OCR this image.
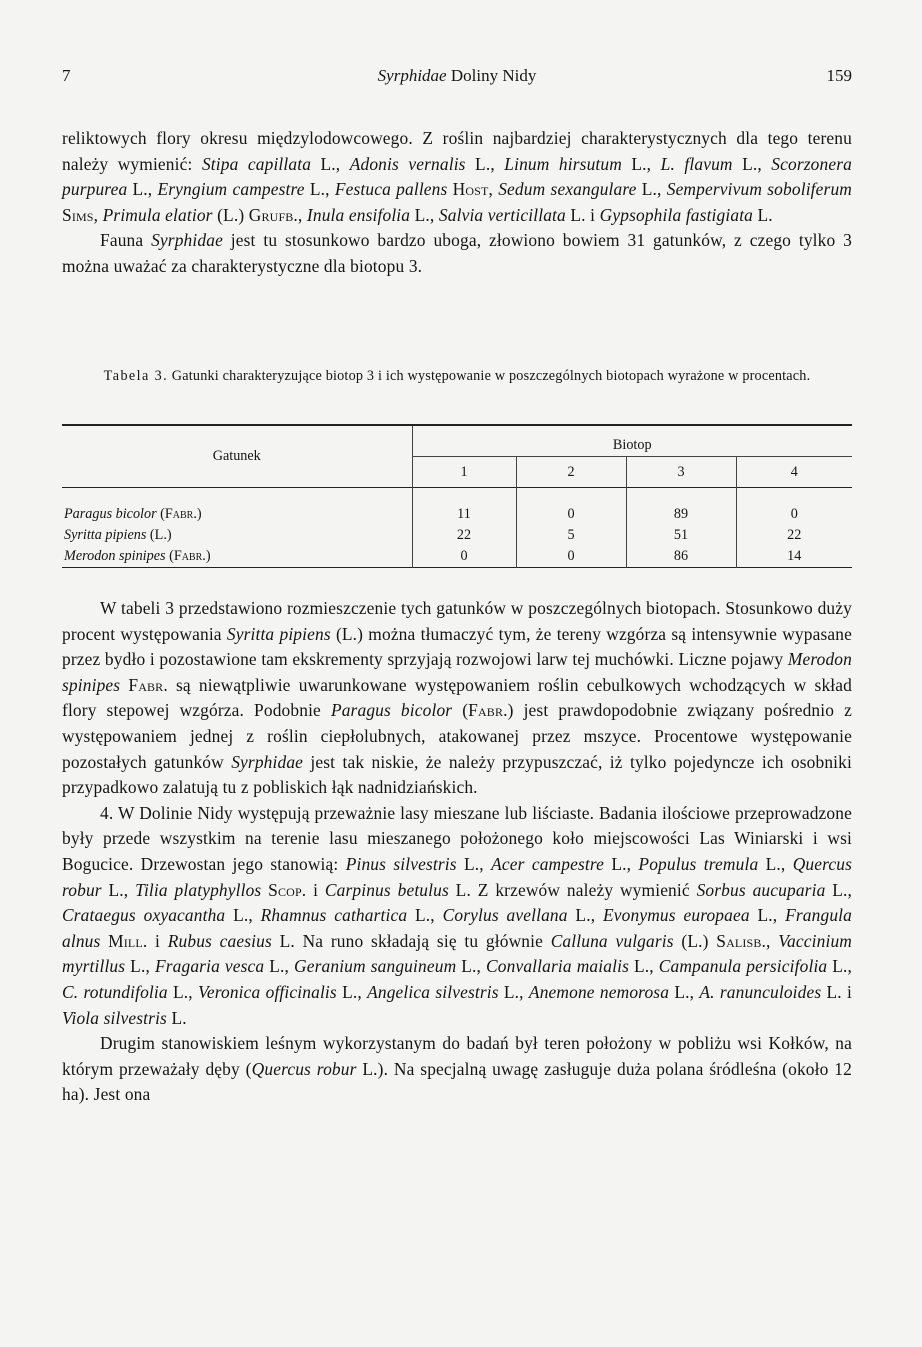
7	Syrphidae Doliny Nidy	159

reliktowych flory okresu międzylodowcowego. Z roślin najbardziej charakterystycznych dla tego terenu należy wymienić: Stipa capillata L., Adonis vernalis L., Linum hirsutum L., L. flavum L., Scorzonera purpurea L., Eryngium campestre L., Festuca pallens Host, Sedum sexangulare L., Sempervivum soboliferum Sims, Primula elatior (L.) Grufb., Inula ensifolia L., Salvia verticillata L. i Gypsophila fastigiata L.

Fauna Syrphidae jest tu stosunkowo bardzo uboga, złowiono bowiem 31 gatunków, z czego tylko 3 można uważać za charakterystyczne dla biotopu 3.

Tabela 3. Gatunki charakteryzujące biotop 3 i ich występowanie w poszczególnych biotopach wyrażone w procentach.

Gatunek	Biotop			
	1	2	3	4

Paragus bicolor (Fabr.)	11	0	89	0
Syritta pipiens (L.)	22	5	51	22
Merodon spinipes (Fabr.)	0	0	86	14

W tabeli 3 przedstawiono rozmieszczenie tych gatunków w poszczególnych biotopach. Stosunkowo duży procent występowania Syritta pipiens (L.) można tłumaczyć tym, że tereny wzgórza są intensywnie wypasane przez bydło i pozostawione tam ekskrementy sprzyjają rozwojowi larw tej muchówki. Liczne pojawy Merodon spinipes Fabr. są niewątpliwie uwarunkowane występowaniem roślin cebulkowych wchodzących w skład flory stepowej wzgórza. Podobnie Paragus bicolor (Fabr.) jest prawdopodobnie związany pośrednio z występowaniem jednej z roślin ciepłolubnych, atakowanej przez mszyce. Procentowe występowanie pozostałych gatunków Syrphidae jest tak niskie, że należy przypuszczać, iż tylko pojedyncze ich osobniki przypadkowo zalatują tu z pobliskich łąk nadnidziańskich.

4. W Dolinie Nidy występują przeważnie lasy mieszane lub liściaste. Badania ilościowe przeprowadzone były przede wszystkim na terenie lasu mieszanego położonego koło miejscowości Las Winiarski i wsi Bogucice. Drzewostan jego stanowią: Pinus silvestris L., Acer campestre L., Populus tremula L., Quercus robur L., Tilia platyphyllos Scop. i Carpinus betulus L. Z krzewów należy wymienić Sorbus aucuparia L., Crataegus oxyacantha L., Rhamnus cathartica L., Corylus avellana L., Evonymus europaea L., Frangula alnus Mill. i Rubus caesius L. Na runo składają się tu głównie Calluna vulgaris (L.) Salisb., Vaccinium myrtillus L., Fragaria vesca L., Geranium sanguineum L., Convallaria maialis L., Campanula persicifolia L., C. rotundifolia L., Veronica officinalis L., Angelica silvestris L., Anemone nemorosa L., A. ranunculoides L. i Viola silvestris L.

Drugim stanowiskiem leśnym wykorzystanym do badań był teren położony w pobliżu wsi Kołków, na którym przeważały dęby (Quercus robur L.). Na specjalną uwagę zasługuje duża polana śródleśna (około 12 ha). Jest ona
